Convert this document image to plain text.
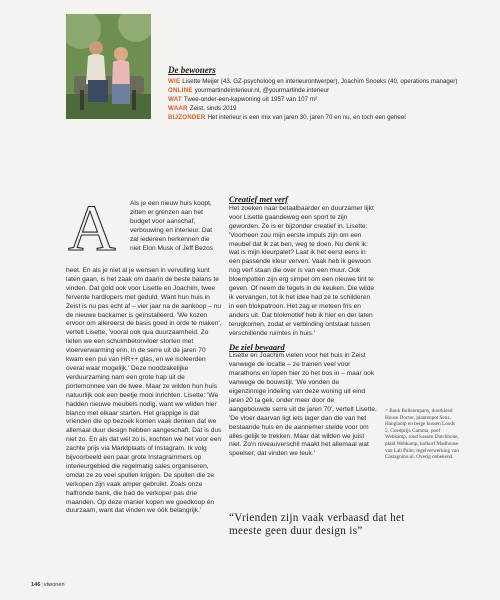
De bewoners

WIE Lisette Meijer (43, GZ-psycholoog en interieurontwerper), Joachim Snoeks (40, operations manager)

ONLINE yourmartindeinterieur.nl, @yourmartinde.interieur

WAT Twee-onder-een-kapwoning uit 1957 van 107 m²

WAAR Zeist, sinds 2019

BIJZONDER Het interieur is een mix van jaren 30, jaren 70 en nu, en toch een geheel

A Als je een nieuw huis koopt, zitten er grenzen aan het budget voor aanschaf, verbouwing en interieur. Dat zal iedereen herkennen die niet Elon Musk of Jeff Bezos

heet. En als je niet al je wensen in vervulling kunt laten gaan, is het zaak om daarin de beste balans te vinden. Dat gold ook voor Lisette en Joachim, twee fervente hardlopers met geduld. Want hun huis in Zeist is nu pas echt af – vier jaar na de aankoop – nu de nieuwe backamer is geïnstalleerd. 'We kozen ervoor om allereerst de basis goed in orde te maken', vertelt Lisette, 'vooral ook qua duurzaamheid. Zo lieten we een schuimbetonvloer storten met vloerverwarming erin, in de serre uit de jaren 70 kwam een pui van HR++ glas, en we isoleerden overal waar mogelijk.' Deze noodzakelijke verduurzaming nam een grote hap uit de portemonnee van de twee. Maar ze wilden hun huis natuurlijk ook een beetje mooi inrichten. Lisette: 'We hadden nieuwe meubels nodig, want we wilden hier blanco met elkaar starten. Het grappige is dat vrienden die op bezoek komen vaak denken dat we allemaal duur design hebben aangeschaft. Dat is dus niet zo. En als dat wél zo is, kochten we het voor een zachte prijs via Marktplaats of Instagram. Ik volg bijvoorbeeld een paar grote Instagrammers op interieurgebied die regelmatig sales organiseren, omdat ze zo veel spullen krijgen. De spullen die ze verkopen zijn vaak amper gebruikt. Zoals onze halfronde bank, die had de verkoper pas drie maanden. Op deze manier kopen we goedkoop én duurzaam, want dat vinden we óók belangrijk.'

Creatief met verf

Het zoeken naar betaalbaarder en duurzamer lijkt voor Lisette gaandeweg een sport te zijn geworden. Ze is er bijzonder creatief in. Lisette: 'Voorheen zou mijn eerste impuls zijn om een meubel dat ik zat ben, weg te doen. Nu denk ik: wat is mijn kleurpalet? Laat ik het eerst eens in een passende kleur verven. Vaak heb ik gewoon nog verf staan die over is van een muur. Ook bloempotten zijn erg simpel om een nieuwe tint te geven. Of neem de tegels in de keuken. Die wilde ik vervangen, tot ik het idee had ze te schilderen in een blokpatroon. Het zag er meteen fris en anders uit. Dat blokmotief heb ik hier en der laten terugkomen, zodat er verbinding ontstaat tussen verschillende ruimtes in huis.'

De ziel bewaard

Lisette en Joachim vielen voor het huis in Zeist vanwege de locatie – ze trainen veel voor marathons en lopen hier zo het bos in – maar ook vanwege de bouwstijl. 'We vonden de eigenzinnige indeling van deze woning uit eind jaren 20 ta gek, onder meer door de aangebouwde serre uit de jaren 70', vertelt Lisette. 'De vloer daarvan ligt iets lager dan die van het bestaande huis en de aannemer stelde voor om alles gelijk te trekken. Maar dat wilden we juist niet. Zo'n niveauverschil maakt het allemaal wat speelser, dat vinden we leuk.'

> Bank Bolleompany, doorkleed House Doctor, plantenpot Senz. Hanglamp en beige kussen Loods 5, Goedprijs Gamma, poef Webkamp, rond kussen Dutchbone, plaid Webkamp, kolkorf Madhouse van Lab Paint, tegelverwerking van Castagnino.nl. Overig onbekend.
“Vrienden zijn vaak verbaasd dat het meeste geen duur design is”
146|vtwonen
